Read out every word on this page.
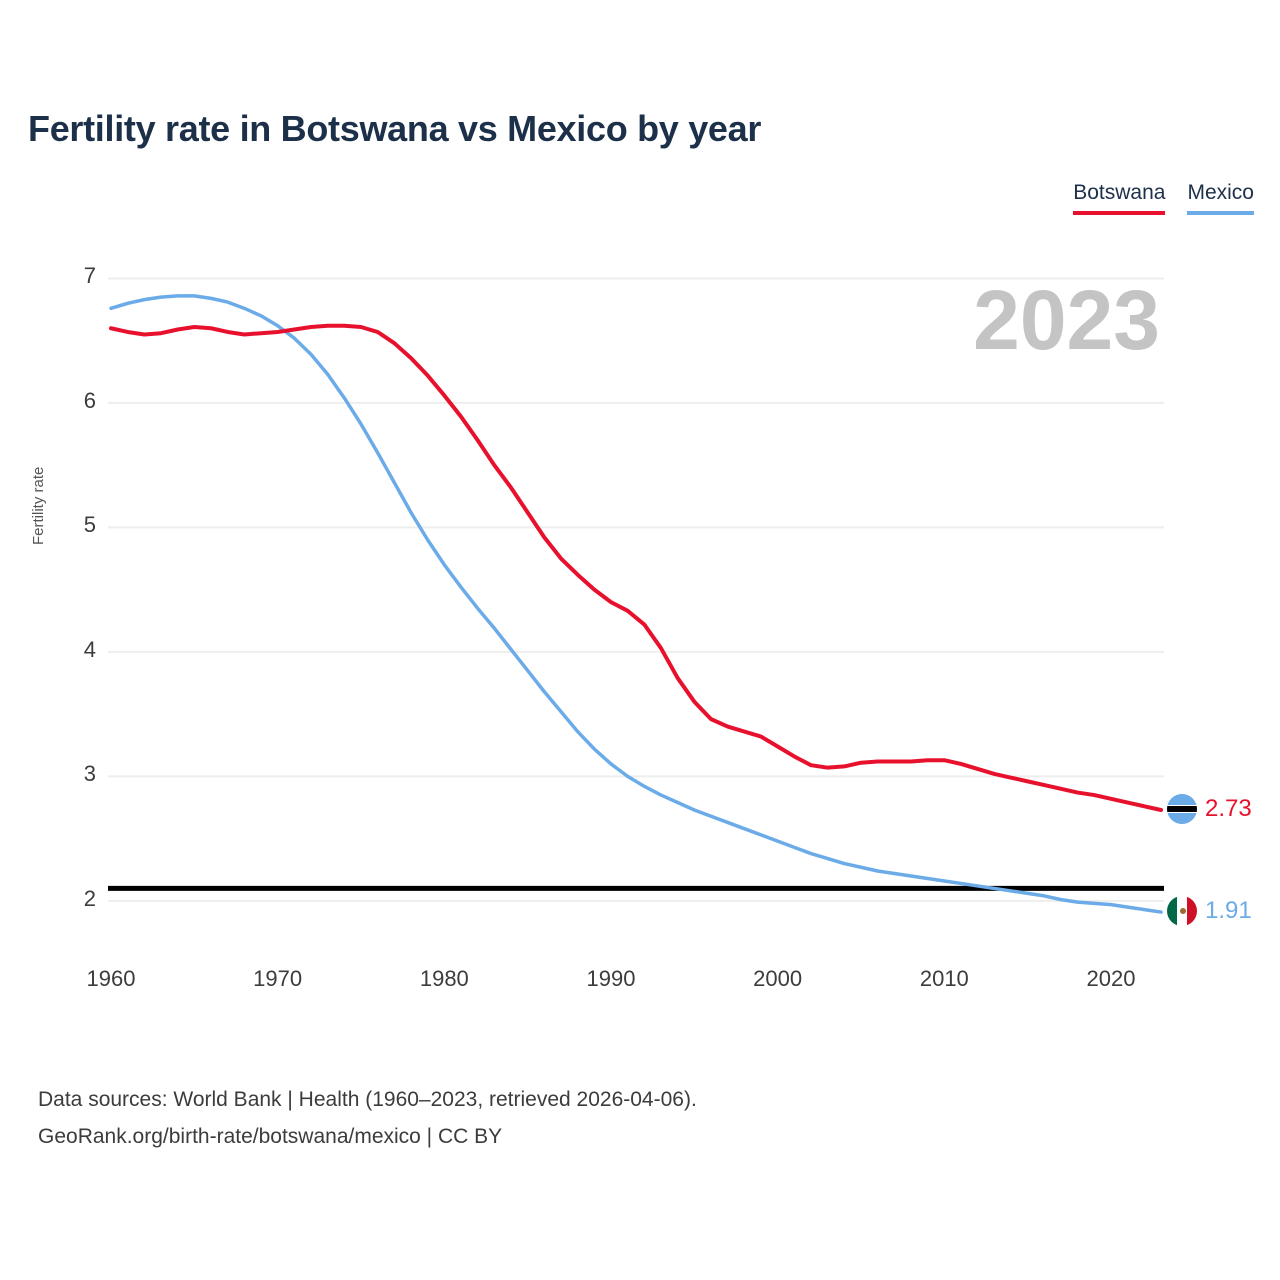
Fertility rate in Botswana vs Mexico by year
Botswana Mexico
2023
Fertility rate
2
3
4
5
6
7
1960	1970	1980	1990	2000	2010	2020
2.73
1.91
Data sources: World Bank | Health (1960–2023, retrieved 2026-04-06).
GeoRank.org/birth-rate/botswana/mexico | CC BY
